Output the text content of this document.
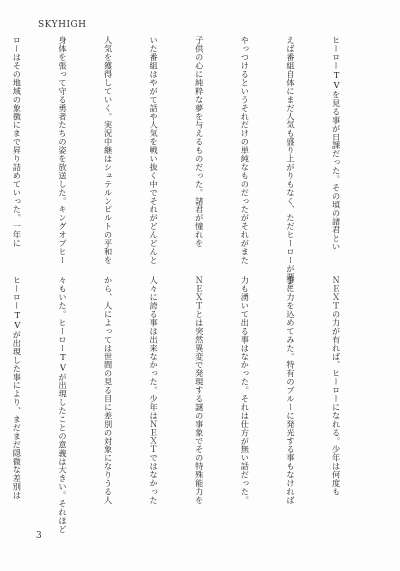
SKYHIGH

ヒーローTVを見る事が日課だった。その頃の諸君とい

えば番組自体にまだ人気も盛り上がりもなく、ただヒーローが悪を

やっつけるというそれだけの単純なものだったがそれがまた

子供の心に純粋な夢を与えるものだった。諸君が憧れを

いた番組はやがて話や人気を戦い抜く中でそれがどんどんと

人気を獲得していく。実況中継はシュテルンビルトの平和を

身体を張って守る勇者たちの姿を放送した。キングオブヒー

ローはその地域の象徴にまで昇り詰めていった。一年に

ＮＥＸＴの力が有れば、ヒーローになれる。少年は何度も

事に力を込めてみた。特有のブルーに発光する事もなければ

力も湧いて出る事はなかった。それは仕方が無い話だった。

ＮＥＸＴとは突然異変で発現する謎の事象でその特殊能力を

人々に誇る事は出来なかった。少年はＮＥＸＴではなかった

から、人によっては世間の見る目に差別の対象になりうる人

々もいた。ヒーローTVが出現したことの意義は大きい。それほど

ヒーローTVが出現した事により、まだまだ隠微な差別は

3
